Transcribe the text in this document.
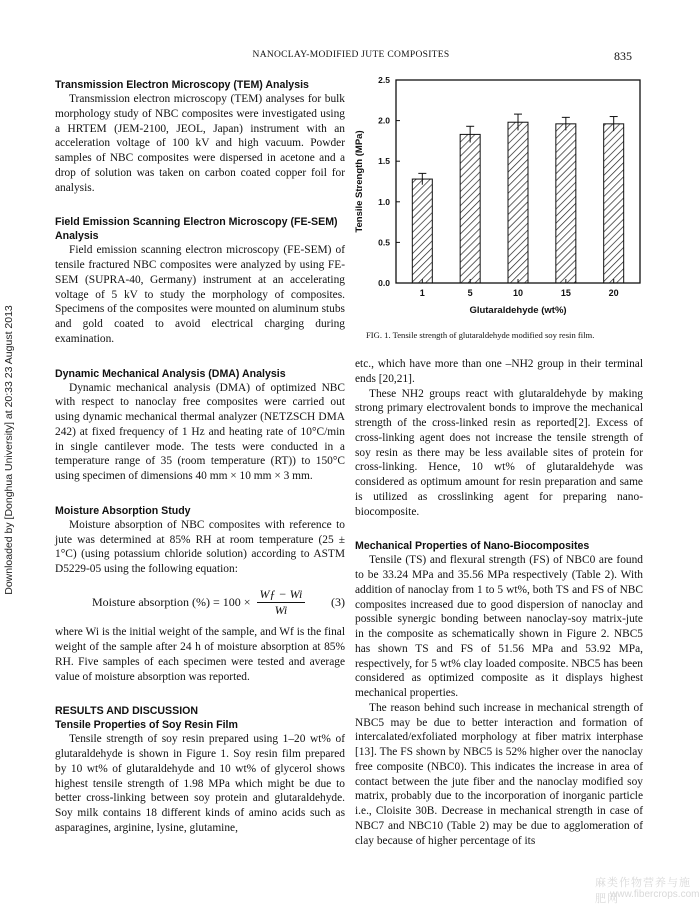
NANOCLAY-MODIFIED JUTE COMPOSITES	835
Downloaded by [Donghua University] at 20:33 23 August 2013
Transmission Electron Microscopy (TEM) Analysis

Transmission electron microscopy (TEM) analyses for bulk morphology study of NBC composites were investigated using a HRTEM (JEM-2100, JEOL, Japan) instrument with an acceleration voltage of 100 kV and high vacuum. Powder samples of NBC composites were dispersed in acetone and a drop of solution was taken on carbon coated copper foil for analysis.

Field Emission Scanning Electron Microscopy (FE-SEM) Analysis

Field emission scanning electron microscopy (FE-SEM) of tensile fractured NBC composites were analyzed by using FE-SEM (SUPRA-40, Germany) instrument at an accelerating voltage of 5 kV to study the morphology of composites. Specimens of the composites were mounted on aluminum stubs and gold coated to avoid electrical charging during examination.

Dynamic Mechanical Analysis (DMA) Analysis

Dynamic mechanical analysis (DMA) of optimized NBC with respect to nanoclay free composites were carried out using dynamic mechanical thermal analyzer (NETZSCH DMA 242) at fixed frequency of 1 Hz and heating rate of 10°C/min in single cantilever mode. The tests were conducted in a temperature range of 35 (room temperature (RT)) to 150°C using specimen of dimensions 40 mm × 10 mm × 3 mm.

Moisture Absorption Study

Moisture absorption of NBC composites with reference to jute was determined at 85% RH at room temperature (25 ± 1°C) (using potassium chloride solution) according to ASTM D5229-05 using the following equation:

Moisture absorption (%) = $100 \times \frac{Wƒ - Wi}{Wi} (3)$

where Wi is the initial weight of the sample, and Wf is the final weight of the sample after 24 h of moisture absorption at 85% RH. Five samples of each specimen were tested and average value of moisture absorption was reported.

RESULTS AND DISCUSSION
Tensile Properties of Soy Resin Film

Tensile strength of soy resin prepared using 1–20 wt% of glutaraldehyde is shown in Figure 1. Soy resin film prepared by 10 wt% of glutaraldehyde and 10 wt% of glycerol shows highest tensile strength of 1.98 MPa which might be due to better cross-linking between soy protein and glutaraldehyde. Soy milk contains 18 different kinds of amino acids such as asparagines, arginine, lysine, glutamine,

0.0
0.5
1.0
1.5
2.0
2.5
1	5	10	15	20
Glutaraldehyde (wt%)
Tensile Strength (MPa)
FIG. 1. Tensile strength of glutaraldehyde modified soy resin film.

etc., which have more than one –NH2 group in their terminal ends [20,21].

These NH2 groups react with glutaraldehyde by making strong primary electrovalent bonds to improve the mechanical strength of the cross-linked resin as reported[2]. Excess of cross-linking agent does not increase the tensile strength of soy resin as there may be less available sites of protein for cross-linking. Hence, 10 wt% of glutaraldehyde was considered as optimum amount for resin preparation and same is utilized as crosslinking agent for preparing nano-biocomposite.

Mechanical Properties of Nano-Biocomposites

Tensile (TS) and flexural strength (FS) of NBC0 are found to be 33.24 MPa and 35.56 MPa respectively (Table 2). With addition of nanoclay from 1 to 5 wt%, both TS and FS of NBC composites increased due to good dispersion of nanoclay and possible synergic bonding between nanoclay-soy matrix-jute in the composite as schematically shown in Figure 2. NBC5 has shown TS and FS of 51.56 MPa and 53.92 MPa, respectively, for 5 wt% clay loaded composite. NBC5 has been considered as optimized composite as it displays highest mechanical properties.

The reason behind such increase in mechanical strength of NBC5 may be due to better interaction and formation of intercalated/exfoliated morphology at fiber matrix interphase [13]. The FS shown by NBC5 is 52% higher over the nanoclay free composite (NBC0). This indicates the increase in area of contact between the jute fiber and the nanoclay modified soy matrix, probably due to the incorporation of inorganic particle i.e., Cloisite 30B. Decrease in mechanical strength in case of NBC7 and NBC10 (Table 2) may be due to agglomeration of clay because of higher percentage of its

麻类作物营养与施肥网
www.fibercrops.com
